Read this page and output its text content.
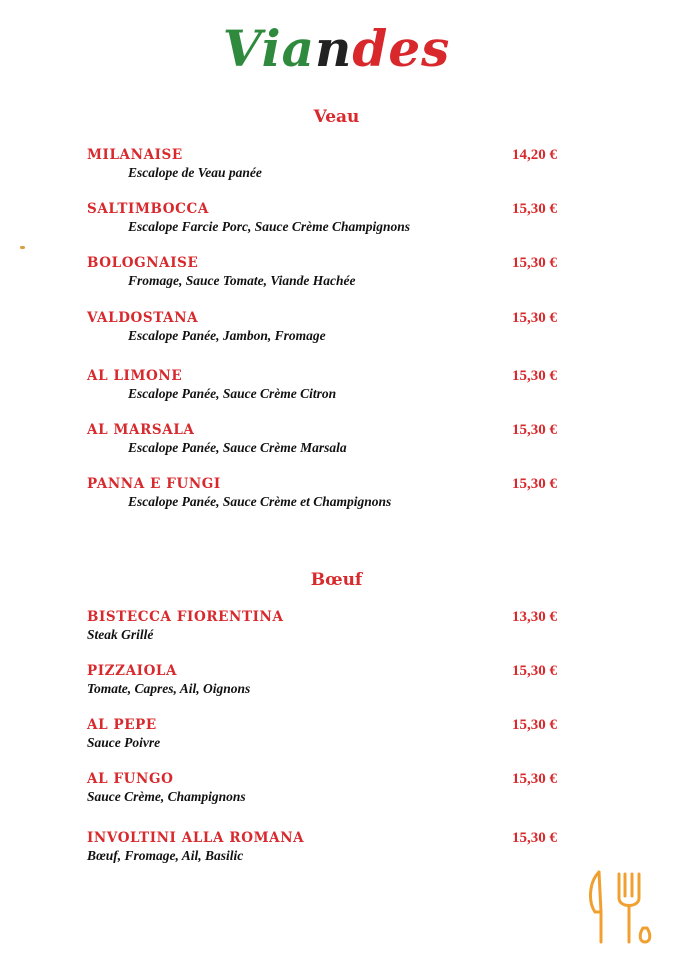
Viandes
Veau
MILANAISE	14,20 €
Escalope de Veau panée
SALTIMBOCCA	15,30 €
Escalope Farcie Porc, Sauce Crème Champignons
BOLOGNAISE	15,30 €
Fromage, Sauce Tomate, Viande Hachée
VALDOSTANA	15,30 €
Escalope Panée, Jambon, Fromage
AL LIMONE	15,30 €
Escalope Panée, Sauce Crème Citron
AL MARSALA	15,30 €
Escalope Panée, Sauce Crème Marsala
PANNA E FUNGI	15,30 €
Escalope Panée, Sauce Crème et Champignons
Bœuf
BISTECCA FIORENTINA	13,30 €
Steak Grillé
PIZZAIOLA	15,30 €
Tomate, Capres, Ail, Oignons
AL PEPE	15,30 €
Sauce Poivre
AL FUNGO	15,30 €
Sauce Crème, Champignons
INVOLTINI ALLA ROMANA	15,30 €
Bœuf, Fromage, Ail, Basilic
